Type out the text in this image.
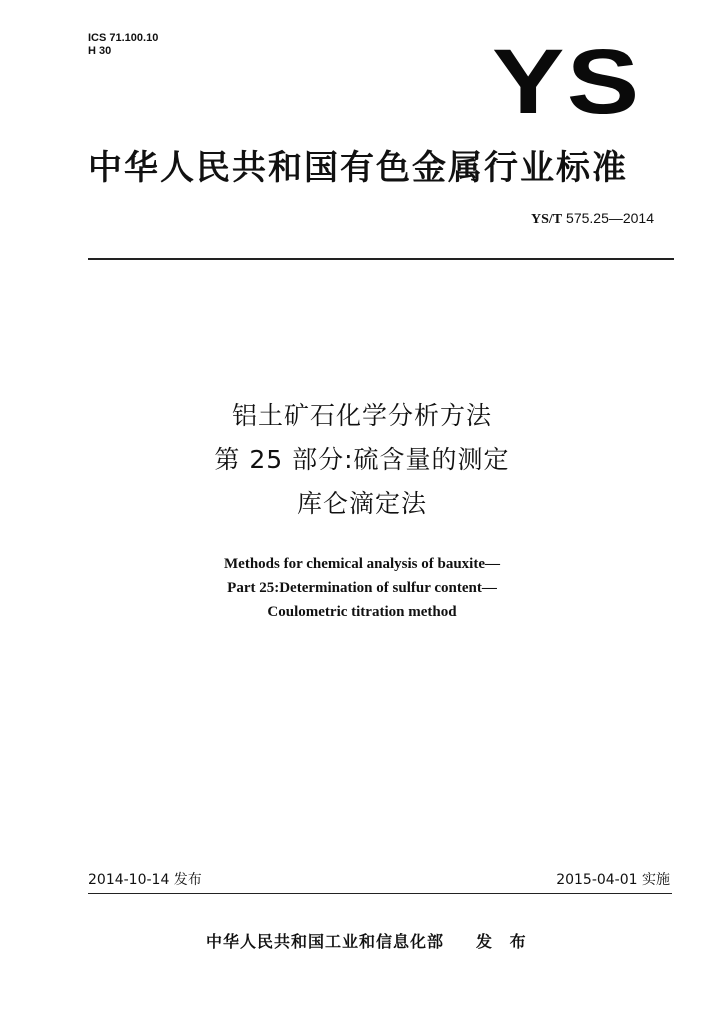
ICS 71.100.10
H 30	YS
中华人民共和国有色金属行业标准
YS/T 575.25—2014
铝土矿石化学分析方法
第 25 部分:硫含量的测定
库仑滴定法
Methods for chemical analysis of bauxite—
Part 25:Determination of sulfur content—
Coulometric titration method
2014-10-14 发布	2015-04-01 实施
中华人民共和国工业和信息化部 发 布
